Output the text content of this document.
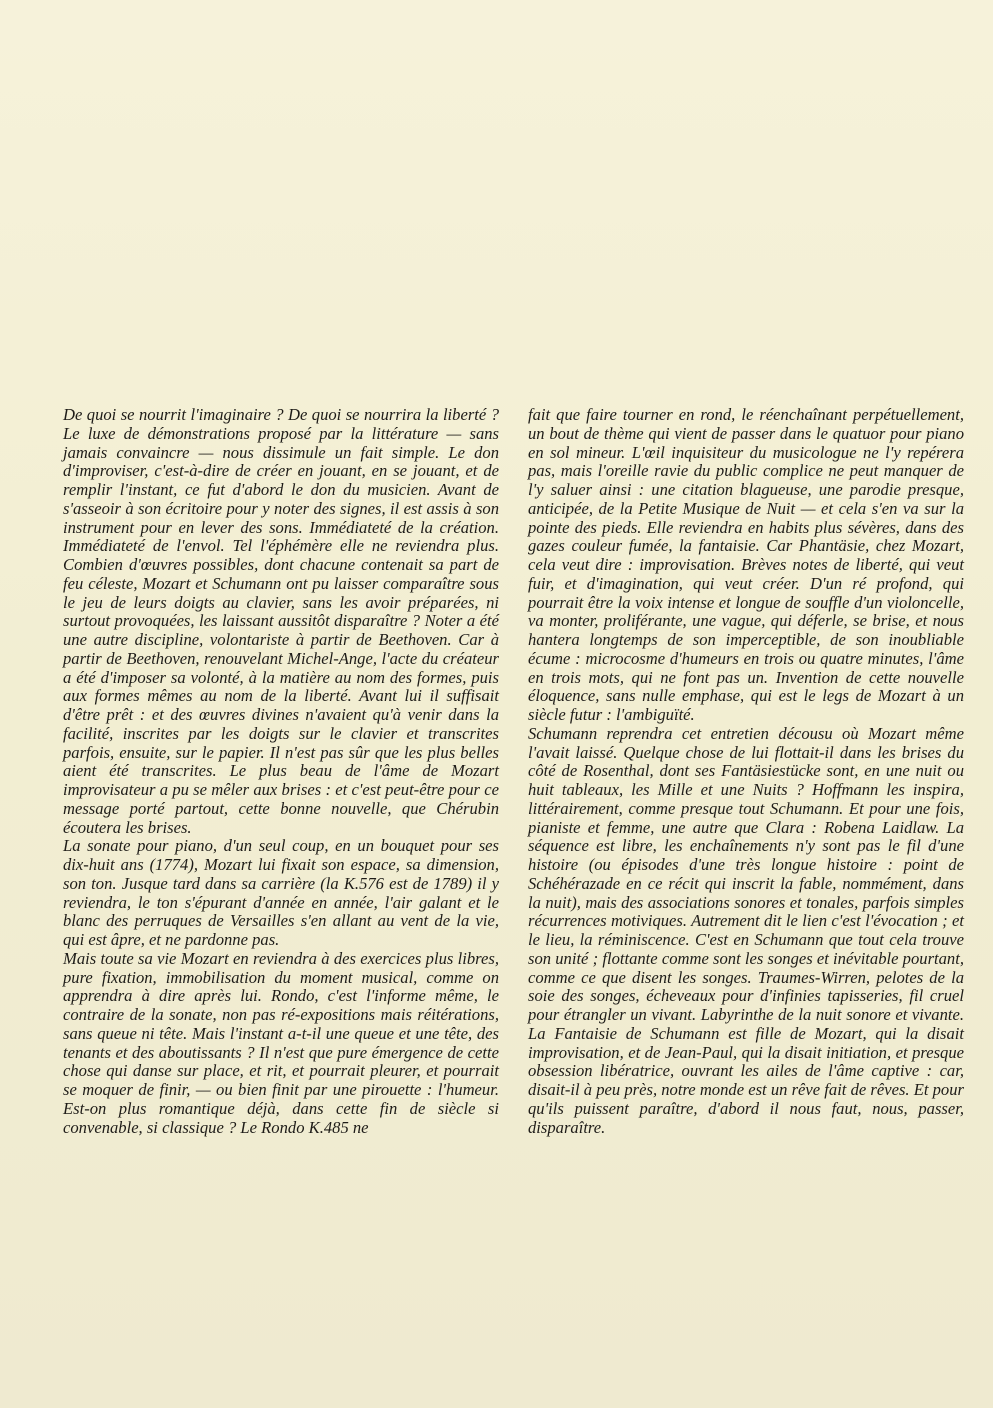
De quoi se nourrit l'imaginaire ? De quoi se nourrira la liberté ? Le luxe de démonstrations proposé par la littérature — sans jamais convaincre — nous dissimule un fait simple. Le don d'improviser, c'est-à-dire de créer en jouant, en se jouant, et de remplir l'instant, ce fut d'abord le don du musicien. Avant de s'asseoir à son écritoire pour y noter des signes, il est assis à son instrument pour en lever des sons. Immédiateté de la création. Immédiateté de l'envol. Tel l'éphémère elle ne reviendra plus. Combien d'œuvres possibles, dont chacune contenait sa part de feu céleste, Mozart et Schumann ont pu laisser comparaître sous le jeu de leurs doigts au clavier, sans les avoir préparées, ni surtout provoquées, les laissant aussitôt disparaître ? Noter a été une autre discipline, volontariste à partir de Beethoven. Car à partir de Beethoven, renouvelant Michel-Ange, l'acte du créateur a été d'imposer sa volonté, à la matière au nom des formes, puis aux formes mêmes au nom de la liberté. Avant lui il suffisait d'être prêt : et des œuvres divines n'avaient qu'à venir dans la facilité, inscrites par les doigts sur le clavier et transcrites parfois, ensuite, sur le papier. Il n'est pas sûr que les plus belles aient été transcrites. Le plus beau de l'âme de Mozart improvisateur a pu se mêler aux brises : et c'est peut-être pour ce message porté partout, cette bonne nouvelle, que Chérubin écoutera les brises.

La sonate pour piano, d'un seul coup, en un bouquet pour ses dix-huit ans (1774), Mozart lui fixait son espace, sa dimension, son ton. Jusque tard dans sa carrière (la K.576 est de 1789) il y reviendra, le ton s'épurant d'année en année, l'air galant et le blanc des perruques de Versailles s'en allant au vent de la vie, qui est âpre, et ne pardonne pas.

Mais toute sa vie Mozart en reviendra à des exercices plus libres, pure fixation, immobilisation du moment musical, comme on apprendra à dire après lui. Rondo, c'est l'informe même, le contraire de la sonate, non pas ré-expositions mais réitérations, sans queue ni tête. Mais l'instant a-t-il une queue et une tête, des tenants et des aboutissants ? Il n'est que pure émergence de cette chose qui danse sur place, et rit, et pourrait pleurer, et pourrait se moquer de finir, — ou bien finit par une pirouette : l'humeur. Est-on plus romantique déjà, dans cette fin de siècle si convenable, si classique ? Le Rondo K.485 ne

fait que faire tourner en rond, le réenchaînant perpétuellement, un bout de thème qui vient de passer dans le quatuor pour piano en sol mineur. L'œil inquisiteur du musicologue ne l'y repérera pas, mais l'oreille ravie du public complice ne peut manquer de l'y saluer ainsi : une citation blagueuse, une parodie presque, anticipée, de la Petite Musique de Nuit — et cela s'en va sur la pointe des pieds. Elle reviendra en habits plus sévères, dans des gazes couleur fumée, la fantaisie. Car Phantäsie, chez Mozart, cela veut dire : improvisation. Brèves notes de liberté, qui veut fuir, et d'imagination, qui veut créer. D'un ré profond, qui pourrait être la voix intense et longue de souffle d'un violoncelle, va monter, proliférante, une vague, qui déferle, se brise, et nous hantera longtemps de son imperceptible, de son inoubliable écume : microcosme d'humeurs en trois ou quatre minutes, l'âme en trois mots, qui ne font pas un. Invention de cette nouvelle éloquence, sans nulle emphase, qui est le legs de Mozart à un siècle futur : l'ambiguïté.

Schumann reprendra cet entretien décousu où Mozart même l'avait laissé. Quelque chose de lui flottait-il dans les brises du côté de Rosenthal, dont ses Fantäsiestücke sont, en une nuit ou huit tableaux, les Mille et une Nuits ? Hoffmann les inspira, littérairement, comme presque tout Schumann. Et pour une fois, pianiste et femme, une autre que Clara : Robena Laidlaw. La séquence est libre, les enchaînements n'y sont pas le fil d'une histoire (ou épisodes d'une très longue histoire : point de Schéhérazade en ce récit qui inscrit la fable, nommément, dans la nuit), mais des associations sonores et tonales, parfois simples récurrences motiviques. Autrement dit le lien c'est l'évocation ; et le lieu, la réminiscence. C'est en Schumann que tout cela trouve son unité ; flottante comme sont les songes et inévitable pourtant, comme ce que disent les songes. Traumes-Wirren, pelotes de la soie des songes, écheveaux pour d'infinies tapisseries, fil cruel pour étrangler un vivant. Labyrinthe de la nuit sonore et vivante. La Fantaisie de Schumann est fille de Mozart, qui la disait improvisation, et de Jean-Paul, qui la disait initiation, et presque obsession libératrice, ouvrant les ailes de l'âme captive : car, disait-il à peu près, notre monde est un rêve fait de rêves. Et pour qu'ils puissent paraître, d'abord il nous faut, nous, passer, disparaître.
